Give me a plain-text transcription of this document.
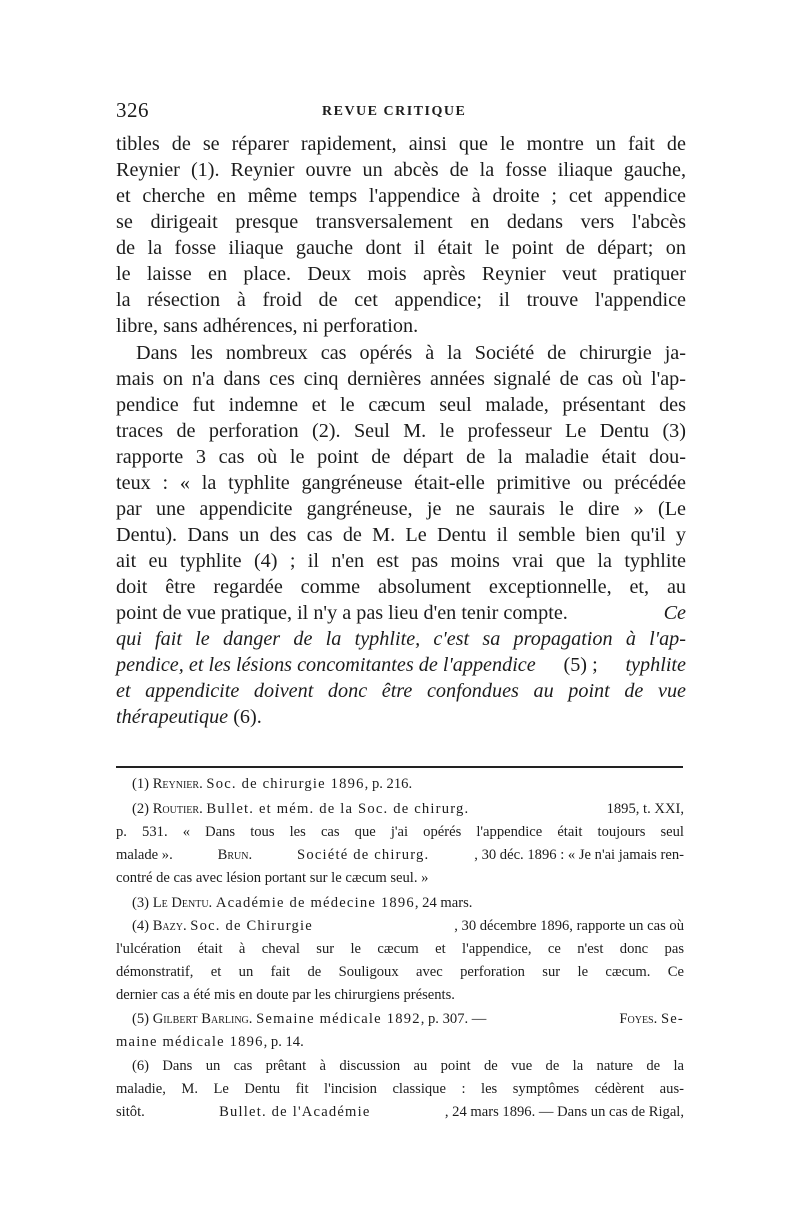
326	REVUE CRITIQUE
tibles de se réparer rapidement, ainsi que le montre un fait de
Reynier (1). Reynier ouvre un abcès de la fosse iliaque gauche,
et cherche en même temps l'appendice à droite ; cet appendice
se dirigeait presque transversalement en dedans vers l'abcès
de la fosse iliaque gauche dont il était le point de départ; on
le laisse en place. Deux mois après Reynier veut pratiquer
la résection à froid de cet appendice; il trouve l'appendice
libre, sans adhérences, ni perforation.
Dans les nombreux cas opérés à la Société de chirurgie ja-
mais on n'a dans ces cinq dernières années signalé de cas où l'ap-
pendice fut indemne et le cæcum seul malade, présentant des
traces de perforation (2). Seul M. le professeur Le Dentu (3)
rapporte 3 cas où le point de départ de la maladie était dou-
teux : « la typhlite gangréneuse était-elle primitive ou précédée
par une appendicite gangréneuse, je ne saurais le dire » (Le
Dentu). Dans un des cas de M. Le Dentu il semble bien qu'il y
ait eu typhlite (4) ; il n'en est pas moins vrai que la typhlite
doit être regardée comme absolument exceptionnelle, et, au
point de vue pratique, il n'y a pas lieu d'en tenir compte.	Ce
qui fait le danger de la typhlite, c'est sa propagation à l'ap-
pendice, et les lésions concomitantes de l'appendice (5) ; typhlite
et appendicite doivent donc être confondues au point de vue
thérapeutique (6).
(1) Reynier. Soc. de chirurgie 1896, p. 216.
(2) Routier. Bullet. et mém. de la Soc. de chirurg.	1895, t. XXI,
p. 531. « Dans tous les cas que j'ai opérés l'appendice était toujours seul
malade ».	Brun.	Société de chirurg.	, 30 déc. 1896 : « Je n'ai jamais ren-
contré de cas avec lésion portant sur le cæcum seul. »
(3) Le Dentu. Académie de médecine 1896, 24 mars.
(4) Bazy. Soc. de Chirurgie	, 30 décembre 1896, rapporte un cas où
l'ulcération était à cheval sur le cæcum et l'appendice, ce n'est donc pas
démonstratif, et un fait de Souligoux avec perforation sur le cæcum. Ce
dernier cas a été mis en doute par les chirurgiens présents.
(5) Gilbert Barling. Semaine médicale 1892, p. 307. —	Foyes. Se-
maine médicale 1896, p. 14.
(6) Dans un cas prêtant à discussion au point de vue de la nature de la
maladie, M. Le Dentu fit l'incision classique : les symptômes cédèrent aus-
sitôt.	Bullet. de l'Académie	, 24 mars 1896. — Dans un cas de Rigal,
